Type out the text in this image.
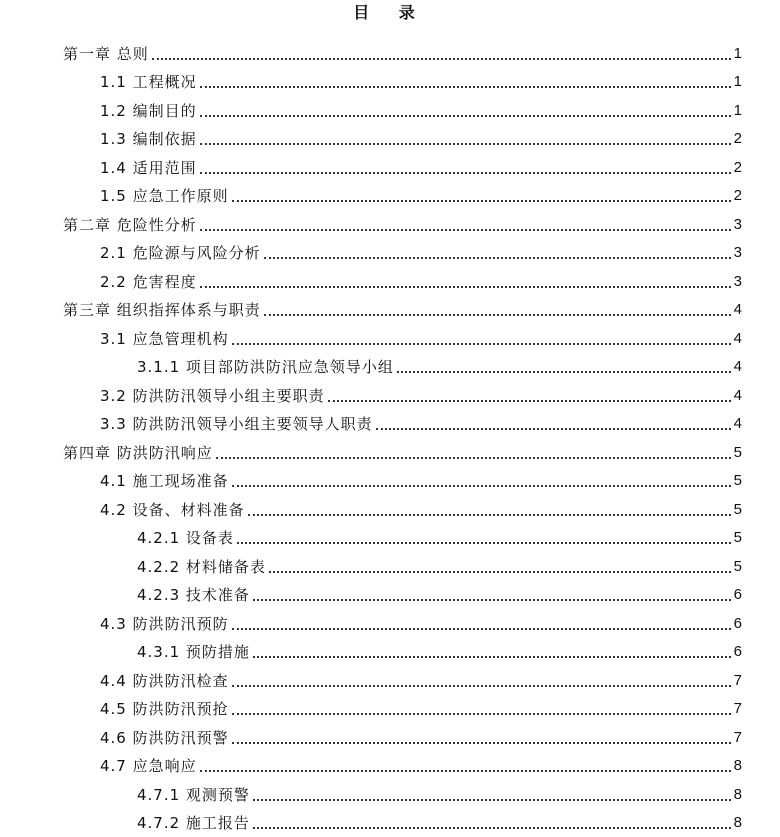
目 录
第一章 总则	1
1.1 工程概况	1
1.2 编制目的	1
1.3 编制依据	2
1.4 适用范围	2
1.5 应急工作原则	2
第二章 危险性分析	3
2.1 危险源与风险分析	3
2.2 危害程度	3
第三章 组织指挥体系与职责	4
3.1 应急管理机构	4
3.1.1 项目部防洪防汛应急领导小组	4
3.2 防洪防汛领导小组主要职责	4
3.3 防洪防汛领导小组主要领导人职责	4
第四章 防洪防汛响应	5
4.1 施工现场准备	5
4.2 设备、材料准备	5
4.2.1 设备表	5
4.2.2 材料储备表	5
4.2.3 技术准备	6
4.3 防洪防汛预防	6
4.3.1 预防措施	6
4.4 防洪防汛检查	7
4.5 防洪防汛预抢	7
4.6 防洪防汛预警	7
4.7 应急响应	8
4.7.1 观测预警	8
4.7.2 施工报告	8
